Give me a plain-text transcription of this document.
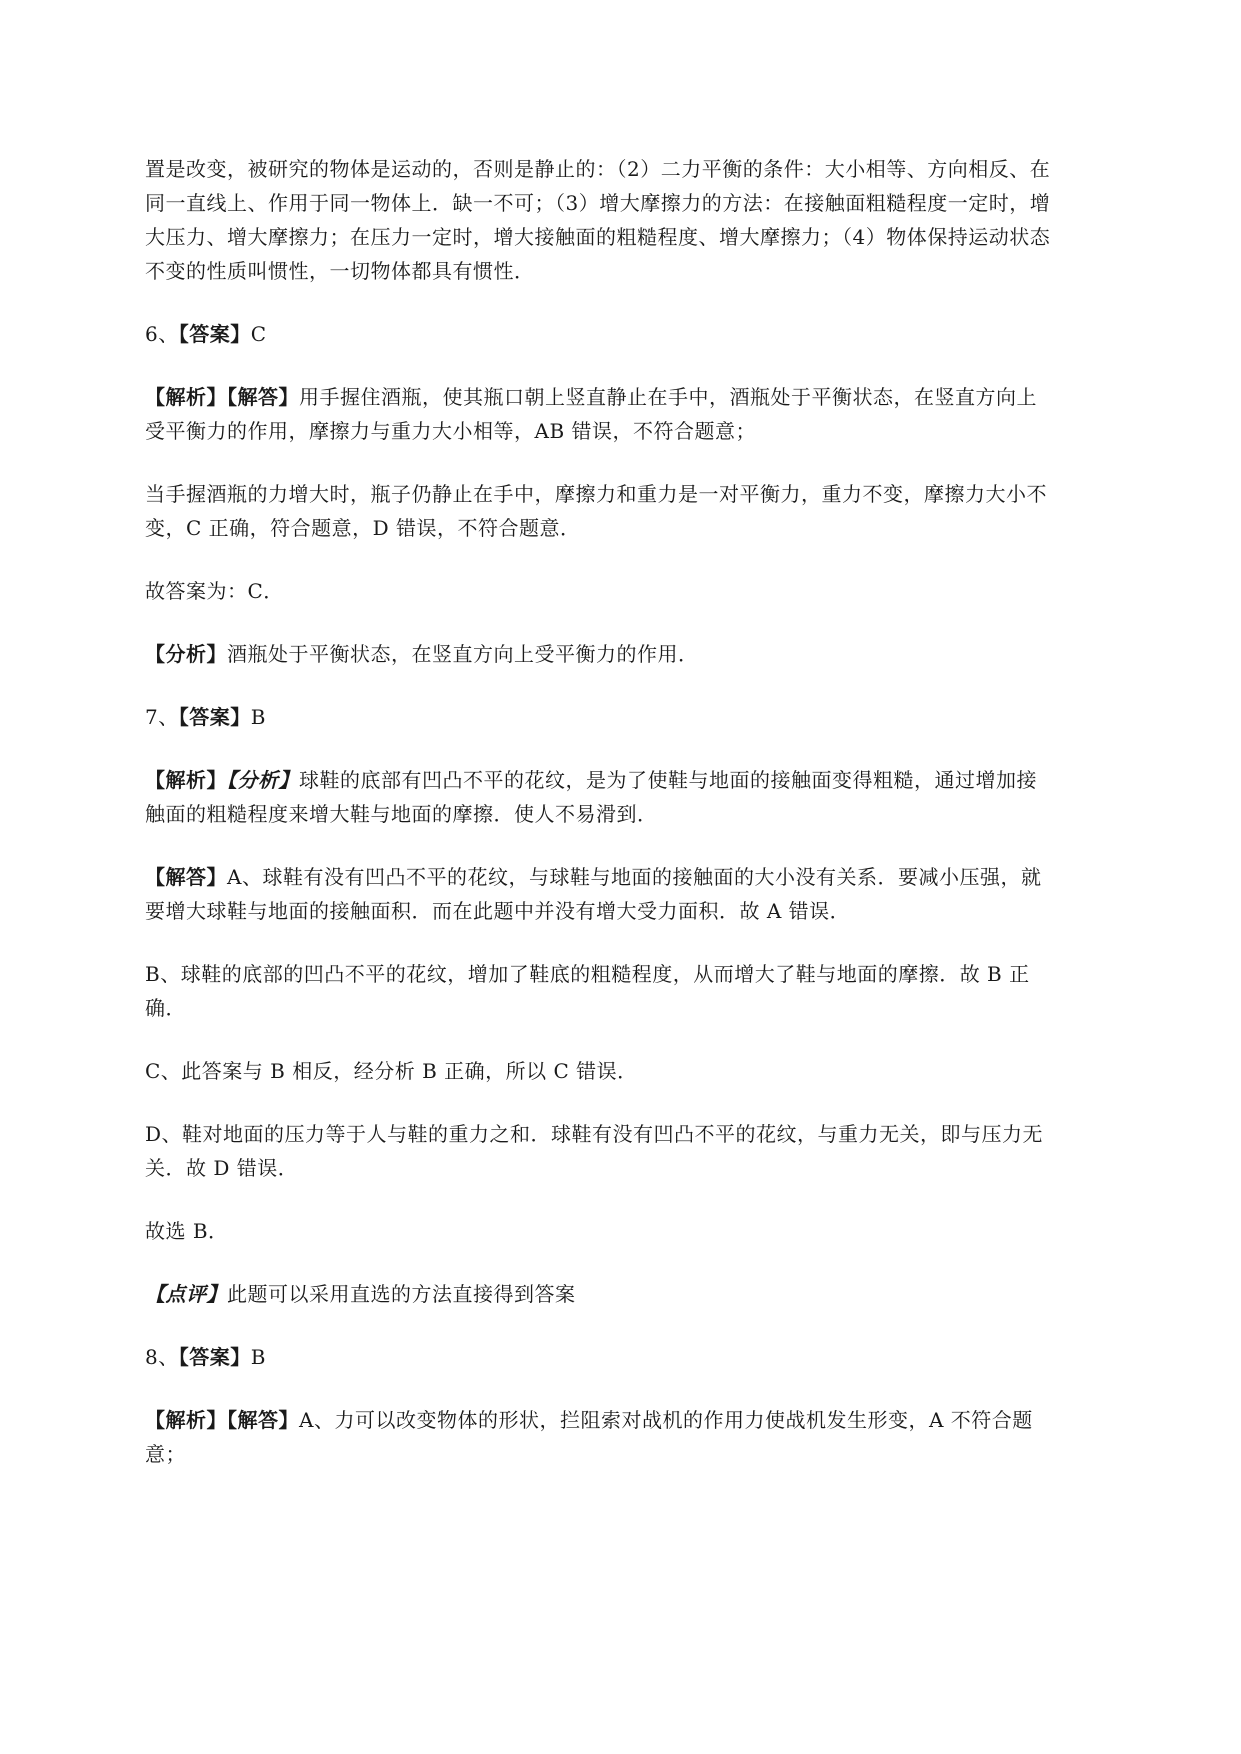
置是改变，被研究的物体是运动的，否则是静止的：（2）二力平衡的条件：大小相等、方向相反、在
同一直线上、作用于同一物体上．缺一不可；（3）增大摩擦力的方法：在接触面粗糙程度一定时，增
大压力、增大摩擦力；在压力一定时，增大接触面的粗糙程度、增大摩擦力；（4）物体保持运动状态
不变的性质叫惯性，一切物体都具有惯性．

6、【答案】C

【解析】【解答】用手握住酒瓶，使其瓶口朝上竖直静止在手中，酒瓶处于平衡状态，在竖直方向上
受平衡力的作用，摩擦力与重力大小相等，AB 错误，不符合题意；

当手握酒瓶的力增大时，瓶子仍静止在手中，摩擦力和重力是一对平衡力，重力不变，摩擦力大小不
变，C 正确，符合题意，D 错误，不符合题意．

故答案为：C．

【分析】酒瓶处于平衡状态，在竖直方向上受平衡力的作用．

7、【答案】B

【解析】【分析】球鞋的底部有凹凸不平的花纹，是为了使鞋与地面的接触面变得粗糙，通过增加接
触面的粗糙程度来增大鞋与地面的摩擦．使人不易滑到．

【解答】A、球鞋有没有凹凸不平的花纹，与球鞋与地面的接触面的大小没有关系．要减小压强，就
要增大球鞋与地面的接触面积．而在此题中并没有增大受力面积．故 A 错误．

B、球鞋的底部的凹凸不平的花纹，增加了鞋底的粗糙程度，从而增大了鞋与地面的摩擦．故 B 正
确．

C、此答案与 B 相反，经分析 B 正确，所以 C 错误．

D、鞋对地面的压力等于人与鞋的重力之和．球鞋有没有凹凸不平的花纹，与重力无关，即与压力无
关．故 D 错误．

故选 B．

【点评】此题可以采用直选的方法直接得到答案

8、【答案】B

【解析】【解答】A、力可以改变物体的形状，拦阻索对战机的作用力使战机发生形变，A 不符合题
意；
